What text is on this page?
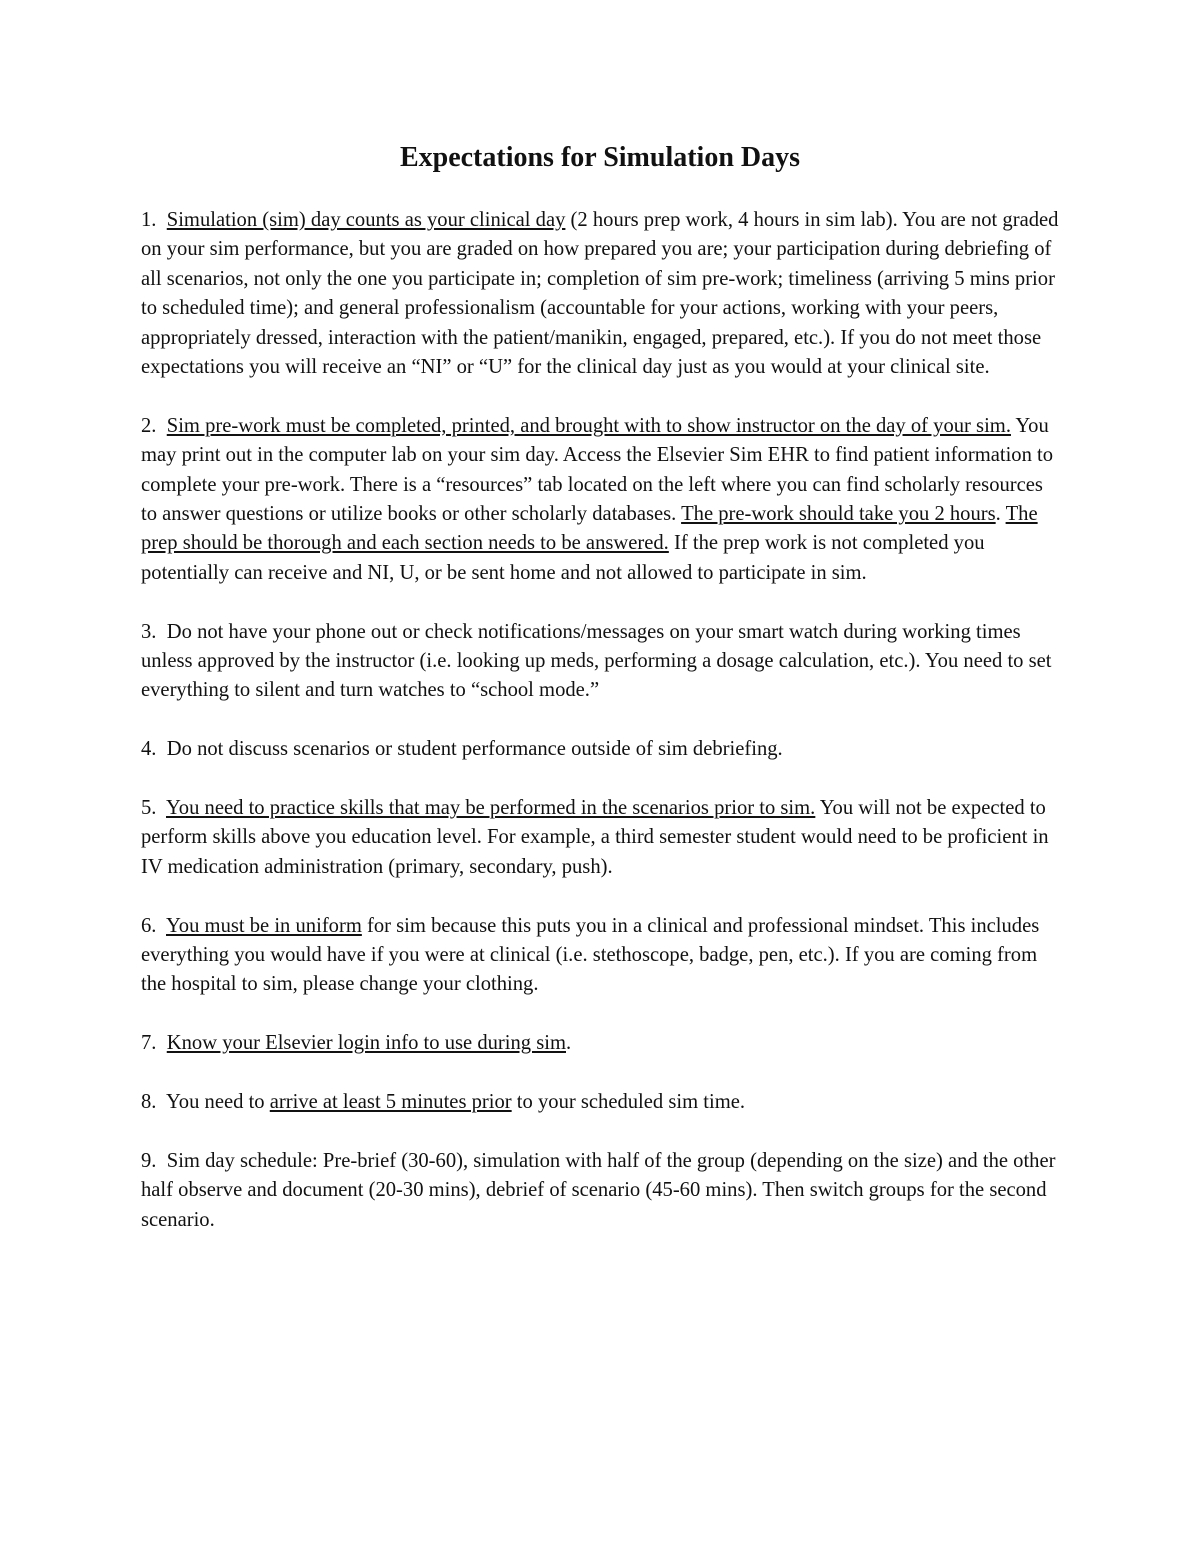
Expectations for Simulation Days

1. Simulation (sim) day counts as your clinical day (2 hours prep work, 4 hours in sim lab). You are not graded on your sim performance, but you are graded on how prepared you are; your participation during debriefing of all scenarios, not only the one you participate in; completion of sim pre-work; timeliness (arriving 5 mins prior to scheduled time); and general professionalism (accountable for your actions, working with your peers, appropriately dressed, interaction with the patient/manikin, engaged, prepared, etc.). If you do not meet those expectations you will receive an “NI” or “U” for the clinical day just as you would at your clinical site.

2. Sim pre-work must be completed, printed, and brought with to show instructor on the day of your sim. You may print out in the computer lab on your sim day. Access the Elsevier Sim EHR to find patient information to complete your pre-work. There is a “resources” tab located on the left where you can find scholarly resources to answer questions or utilize books or other scholarly databases. The pre-work should take you 2 hours. The prep should be thorough and each section needs to be answered. If the prep work is not completed you potentially can receive and NI, U, or be sent home and not allowed to participate in sim.

3. Do not have your phone out or check notifications/messages on your smart watch during working times unless approved by the instructor (i.e. looking up meds, performing a dosage calculation, etc.). You need to set everything to silent and turn watches to “school mode.”

4. Do not discuss scenarios or student performance outside of sim debriefing.

5. You need to practice skills that may be performed in the scenarios prior to sim. You will not be expected to perform skills above you education level. For example, a third semester student would need to be proficient in IV medication administration (primary, secondary, push).

6. You must be in uniform for sim because this puts you in a clinical and professional mindset. This includes everything you would have if you were at clinical (i.e. stethoscope, badge, pen, etc.). If you are coming from the hospital to sim, please change your clothing.

7. Know your Elsevier login info to use during sim.

8. You need to arrive at least 5 minutes prior to your scheduled sim time.

9. Sim day schedule: Pre-brief (30-60), simulation with half of the group (depending on the size) and the other half observe and document (20-30 mins), debrief of scenario (45-60 mins). Then switch groups for the second scenario.
